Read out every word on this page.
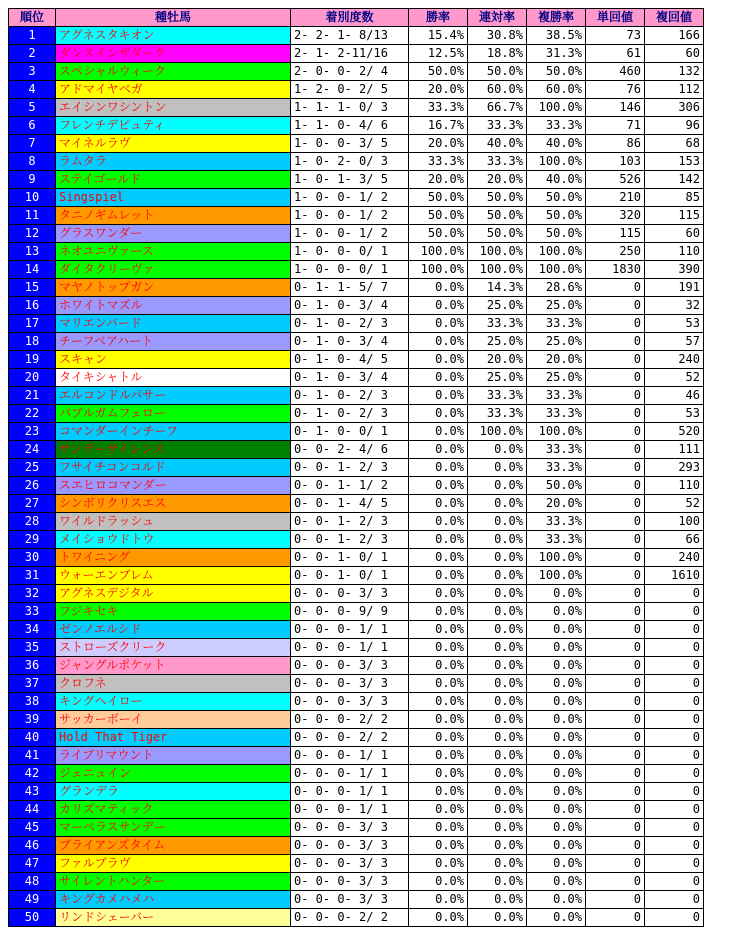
順位	種牡馬	着別度数	勝率	連対率	複勝率	単回値	複回値
1	アグネスタキオン	2- 2- 1- 8/13	15.4%	30.8%	38.5%	73	166
2	ダンスインザダーク	2- 1- 2-11/16	12.5%	18.8%	31.3%	61	60
3	スペシャルウィーク	2- 0- 0- 2/ 4	50.0%	50.0%	50.0%	460	132
4	アドマイヤベガ	1- 2- 0- 2/ 5	20.0%	60.0%	60.0%	76	112
5	エイシンワシントン	1- 1- 1- 0/ 3	33.3%	66.7%	100.0%	146	306
6	フレンチデピュティ	1- 1- 0- 4/ 6	16.7%	33.3%	33.3%	71	96
7	マイネルラヴ	1- 0- 0- 3/ 5	20.0%	40.0%	40.0%	86	68
8	ラムタラ	1- 0- 2- 0/ 3	33.3%	33.3%	100.0%	103	153
9	ステイゴールド	1- 0- 1- 3/ 5	20.0%	20.0%	40.0%	526	142
10	Singspiel	1- 0- 0- 1/ 2	50.0%	50.0%	50.0%	210	85
11	タニノギムレット	1- 0- 0- 1/ 2	50.0%	50.0%	50.0%	320	115
12	グラスワンダー	1- 0- 0- 1/ 2	50.0%	50.0%	50.0%	115	60
13	ネオユニヴァース	1- 0- 0- 0/ 1	100.0%	100.0%	100.0%	250	110
14	ダイタクリーヴァ	1- 0- 0- 0/ 1	100.0%	100.0%	100.0%	1830	390
15	マヤノトップガン	0- 1- 1- 5/ 7	0.0%	14.3%	28.6%	0	191
16	ホワイトマズル	0- 1- 0- 3/ 4	0.0%	25.0%	25.0%	0	32
17	マリエンバード	0- 1- 0- 2/ 3	0.0%	33.3%	33.3%	0	53
18	チーフベアハート	0- 1- 0- 3/ 4	0.0%	25.0%	25.0%	0	57
19	スキャン	0- 1- 0- 4/ 5	0.0%	20.0%	20.0%	0	240
20	タイキシャトル	0- 1- 0- 3/ 4	0.0%	25.0%	25.0%	0	52
21	エルコンドルパサー	0- 1- 0- 2/ 3	0.0%	33.3%	33.3%	0	46
22	バブルガムフェロー	0- 1- 0- 2/ 3	0.0%	33.3%	33.3%	0	53
23	コマンダーインチーフ	0- 1- 0- 0/ 1	0.0%	100.0%	100.0%	0	520
24	サンデーサイレンス	0- 0- 2- 4/ 6	0.0%	0.0%	33.3%	0	111
25	フサイチコンコルド	0- 0- 1- 2/ 3	0.0%	0.0%	33.3%	0	293
26	スエヒロコマンダー	0- 0- 1- 1/ 2	0.0%	0.0%	50.0%	0	110
27	シンボリクリスエス	0- 0- 1- 4/ 5	0.0%	0.0%	20.0%	0	52
28	ワイルドラッシュ	0- 0- 1- 2/ 3	0.0%	0.0%	33.3%	0	100
29	メイショウドトウ	0- 0- 1- 2/ 3	0.0%	0.0%	33.3%	0	66
30	トワイニング	0- 0- 1- 0/ 1	0.0%	0.0%	100.0%	0	240
31	ウォーエンブレム	0- 0- 1- 0/ 1	0.0%	0.0%	100.0%	0	1610
32	アグネスデジタル	0- 0- 0- 3/ 3	0.0%	0.0%	0.0%	0	0
33	フジキセキ	0- 0- 0- 9/ 9	0.0%	0.0%	0.0%	0	0
34	ゼンノエルシド	0- 0- 0- 1/ 1	0.0%	0.0%	0.0%	0	0
35	ストローズクリーク	0- 0- 0- 1/ 1	0.0%	0.0%	0.0%	0	0
36	ジャングルポケット	0- 0- 0- 3/ 3	0.0%	0.0%	0.0%	0	0
37	クロフネ	0- 0- 0- 3/ 3	0.0%	0.0%	0.0%	0	0
38	キングヘイロー	0- 0- 0- 3/ 3	0.0%	0.0%	0.0%	0	0
39	サッカーボーイ	0- 0- 0- 2/ 2	0.0%	0.0%	0.0%	0	0
40	Hold That Tiger	0- 0- 0- 2/ 2	0.0%	0.0%	0.0%	0	0
41	ライブリマウント	0- 0- 0- 1/ 1	0.0%	0.0%	0.0%	0	0
42	ジェニュイン	0- 0- 0- 1/ 1	0.0%	0.0%	0.0%	0	0
43	グランデラ	0- 0- 0- 1/ 1	0.0%	0.0%	0.0%	0	0
44	カリズマティック	0- 0- 0- 1/ 1	0.0%	0.0%	0.0%	0	0
45	マーベラスサンデー	0- 0- 0- 3/ 3	0.0%	0.0%	0.0%	0	0
46	ブライアンズタイム	0- 0- 0- 3/ 3	0.0%	0.0%	0.0%	0	0
47	ファルブラヴ	0- 0- 0- 3/ 3	0.0%	0.0%	0.0%	0	0
48	サイレントハンター	0- 0- 0- 3/ 3	0.0%	0.0%	0.0%	0	0
49	キングカメハメハ	0- 0- 0- 3/ 3	0.0%	0.0%	0.0%	0	0
50	リンドシェーバー	0- 0- 0- 2/ 2	0.0%	0.0%	0.0%	0	0
